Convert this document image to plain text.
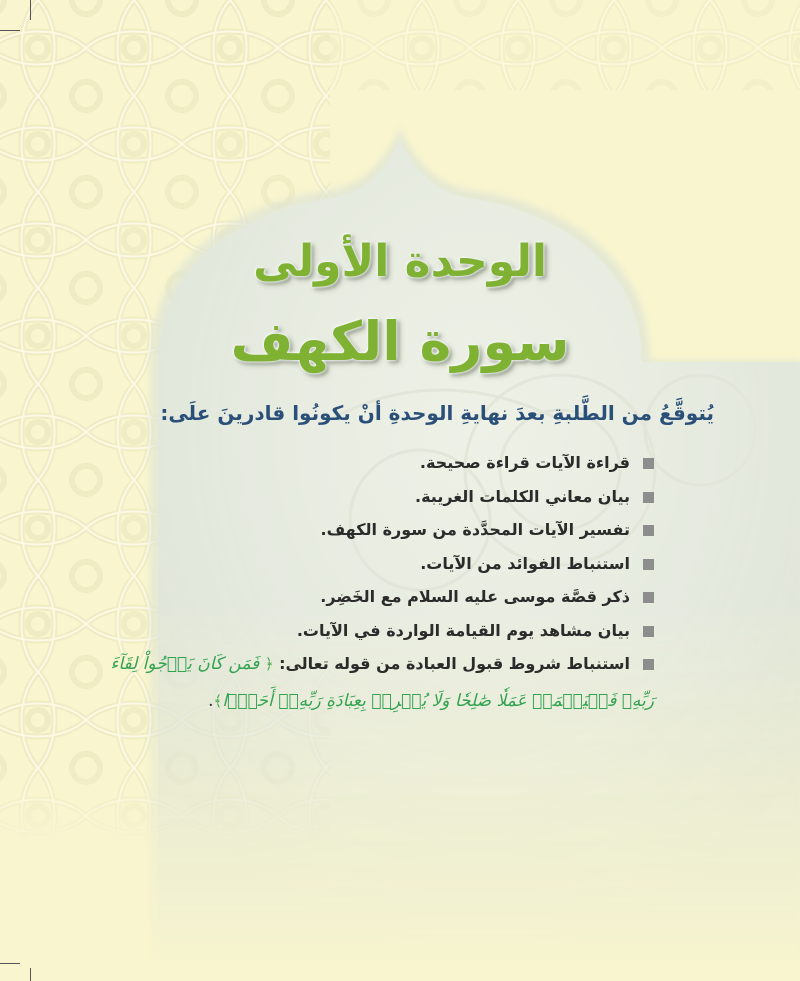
الوحدة الأولى
سورة الكهف

يُتوقَّعُ من الطَّلبةِ بعدَ نهايةِ الوحدةِ أنْ يكونُوا قادرينَ علَى:

قراءة الآيات قراءة صحيحة.
بيان معاني الكلمات الغريبة.
تفسير الآيات المحدَّدة من سورة الكهف.
استنباط الفوائد من الآيات.
ذكر قصَّة موسى عليه السلام مع الخَضِر.
بيان مشاهد يوم القيامة الواردة في الآيات.
استنباط شروط قبول العبادة من قوله تعالى: ﴿ فَمَن كَانَ يَرۡجُواْ لِقَآءَ
رَبِّهِۦ فَلۡيَعۡمَلۡ عَمَلٗا صَٰلِحٗا وَلَا يُشۡرِكۡ بِعِبَادَةِ رَبِّهِۦٓ أَحَدَۢا﴾.
